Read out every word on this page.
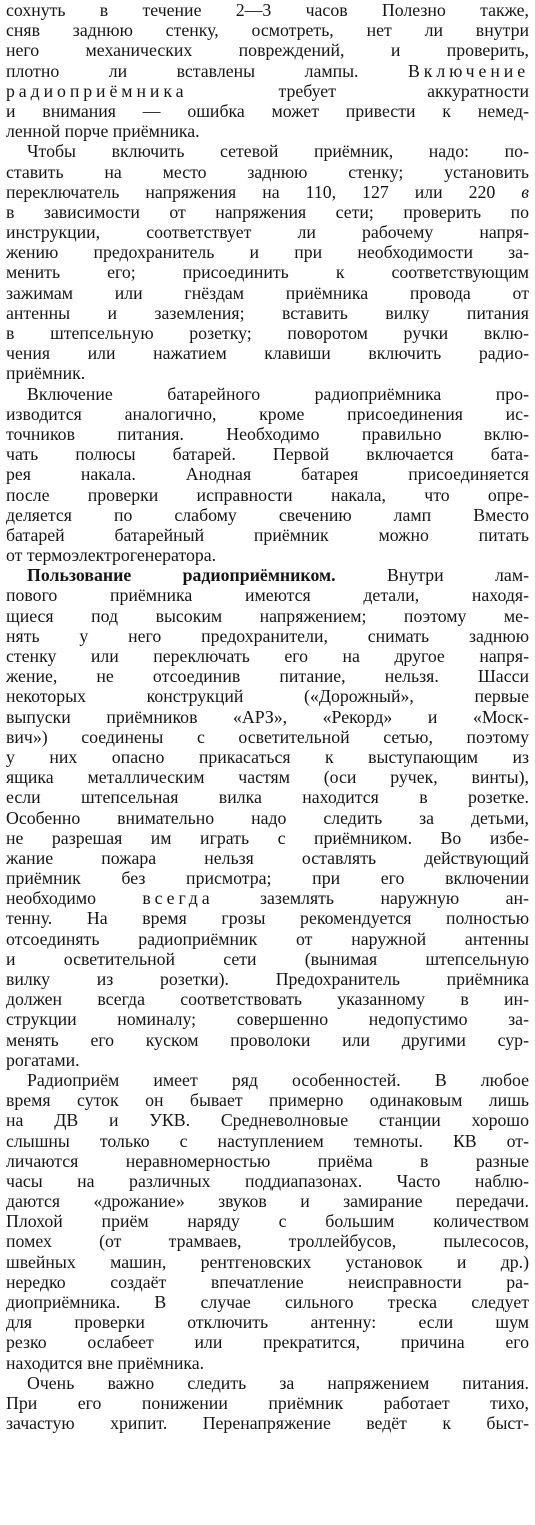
сохнуть в течение 2—3 часов Полезно также,
сняв заднюю стенку, осмотреть, нет ли внутри
него механических повреждений, и проверить,
плотно ли вставлены лампы. Включение
радиоприёмника требует аккуратности
и внимания — ошибка может привести к немед-
ленной порче приёмника.
Чтобы включить сетевой приёмник, надо: по-
ставить на место заднюю стенку; установить
переключатель напряжения на 110, 127 или 220 в
в зависимости от напряжения сети; проверить по
инструкции, соответствует ли рабочему напря-
жению предохранитель и при необходимости за-
менить его; присоединить к соответствующим
зажимам или гнёздам приёмника провода от
антенны и заземления; вставить вилку питания
в штепсельную розетку; поворотом ручки вклю-
чения или нажатием клавиши включить радио-
приёмник.
Включение батарейного радиоприёмника про-
изводится аналогично, кроме присоединения ис-
точников питания. Необходимо правильно вклю-
чать полюсы батарей. Первой включается бата-
рея накала. Анодная батарея присоединяется
после проверки исправности накала, что опре-
деляется по слабому свечению ламп Вместо
батарей батарейный приёмник можно питать
от термоэлектрогенератора.
Пользование радиоприёмником. Внутри лам-
пового приёмника имеются детали, находя-
щиеся под высоким напряжением; поэтому ме-
нять у него предохранители, снимать заднюю
стенку или переключать его на другое напря-
жение, не отсоединив питание, нельзя. Шасси
некоторых конструкций («Дорожный», первые
выпуски приёмников «АРЗ», «Рекорд» и «Моск-
вич») соединены с осветительной сетью, поэтому
у них опасно прикасаться к выступающим из
ящика металлическим частям (оси ручек, винты),
если штепсельная вилка находится в розетке.
Особенно внимательно надо следить за детьми,
не разрешая им играть с приёмником. Во избе-
жание пожара нельзя оставлять действующий
приёмник без присмотра; при его включении
необходимо всегда заземлять наружную ан-
тенну. На время грозы рекомендуется полностью
отсоединять радиоприёмник от наружной антенны
и осветительной сети (вынимая штепсельную
вилку из розетки). Предохранитель приёмника
должен всегда соответствовать указанному в ин-
струкции номиналу; совершенно недопустимо за-
менять его куском проволоки или другими сур-
рогатами.
Радиоприём имеет ряд особенностей. В любое
время суток он бывает примерно одинаковым лишь
на ДВ и УКВ. Средневолновые станции хорошо
слышны только с наступлением темноты. КВ от-
личаются неравномерностью приёма в разные
часы на различных поддиапазонах. Часто наблю-
даются «дрожание» звуков и замирание передачи.
Плохой приём наряду с большим количеством
помех (от трамваев, троллейбусов, пылесосов,
швейных машин, рентгеновских установок и др.)
нередко создаёт впечатление неисправности ра-
диоприёмника. В случае сильного треска следует
для проверки отключить антенну: если шум
резко ослабеет или прекратится, причина его
находится вне приёмника.
Очень важно следить за напряжением питания.
При его понижении приёмник работает тихо,
зачастую хрипит. Перенапряжение ведёт к быст-
